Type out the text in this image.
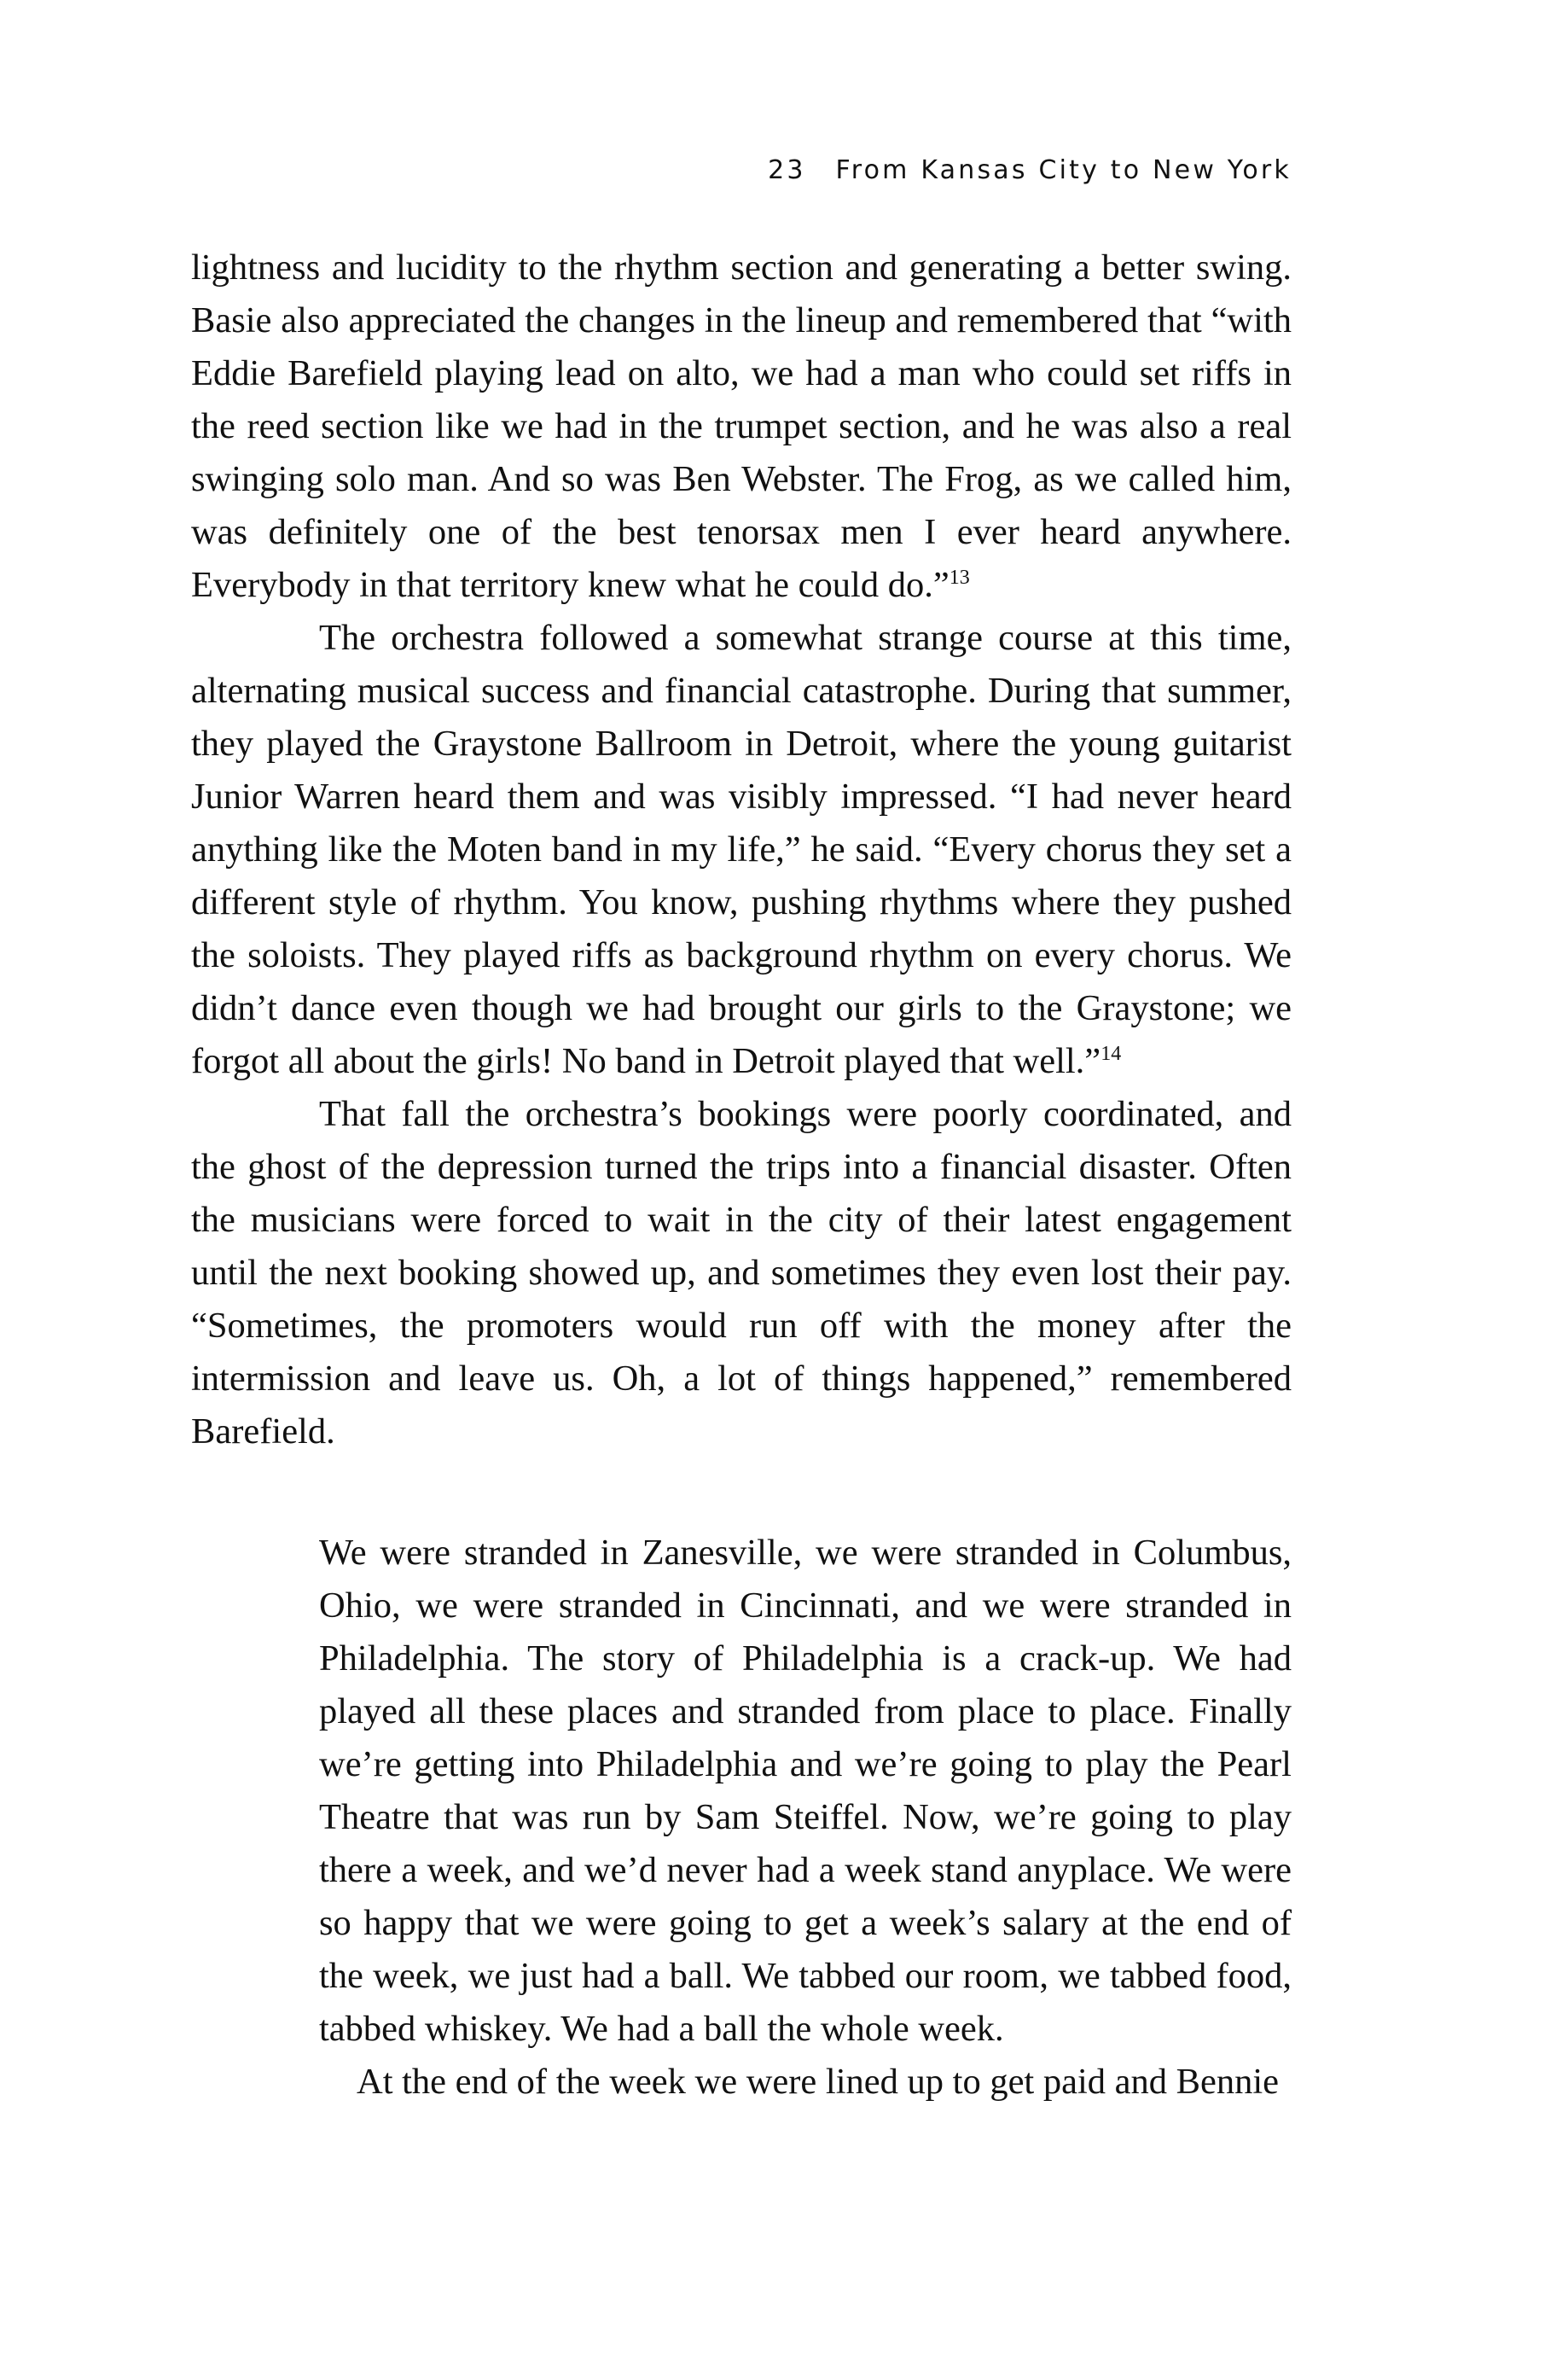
23 From Kansas City to New York

lightness and lucidity to the rhythm section and generating a better swing. Basie also appreciated the changes in the lineup and remembered that “with Eddie Barefield playing lead on alto, we had a man who could set riffs in the reed section like we had in the trumpet section, and he was also a real swinging solo man. And so was Ben Webster. The Frog, as we called him, was definitely one of the best tenorsax men I ever heard anywhere. Everybody in that territory knew what he could do.”$^{13}$

The orchestra followed a somewhat strange course at this time, alternating musical success and financial catastrophe. During that summer, they played the Graystone Ballroom in Detroit, where the young guitarist Junior Warren heard them and was visibly impressed. “I had never heard anything like the Moten band in my life,” he said. “Every chorus they set a different style of rhythm. You know, pushing rhythms where they pushed the soloists. They played riffs as background rhythm on every chorus. We didn’t dance even though we had brought our girls to the Graystone; we forgot all about the girls! No band in Detroit played that well.”$^{14}$

That fall the orchestra’s bookings were poorly coordinated, and the ghost of the depression turned the trips into a financial disaster. Often the musicians were forced to wait in the city of their latest engagement until the next booking showed up, and sometimes they even lost their pay. “Sometimes, the promoters would run off with the money after the intermission and leave us. Oh, a lot of things happened,” remembered Barefield.

We were stranded in Zanesville, we were stranded in Columbus, Ohio, we were stranded in Cincinnati, and we were stranded in Philadelphia. The story of Philadelphia is a crack-up. We had played all these places and stranded from place to place. Finally we’re getting into Philadelphia and we’re going to play the Pearl Theatre that was run by Sam Steiffel. Now, we’re going to play there a week, and we’d never had a week stand anyplace. We were so happy that we were going to get a week’s salary at the end of the week, we just had a ball. We tabbed our room, we tabbed food, tabbed whiskey. We had a ball the whole week.

At the end of the week we were lined up to get paid and Bennie
